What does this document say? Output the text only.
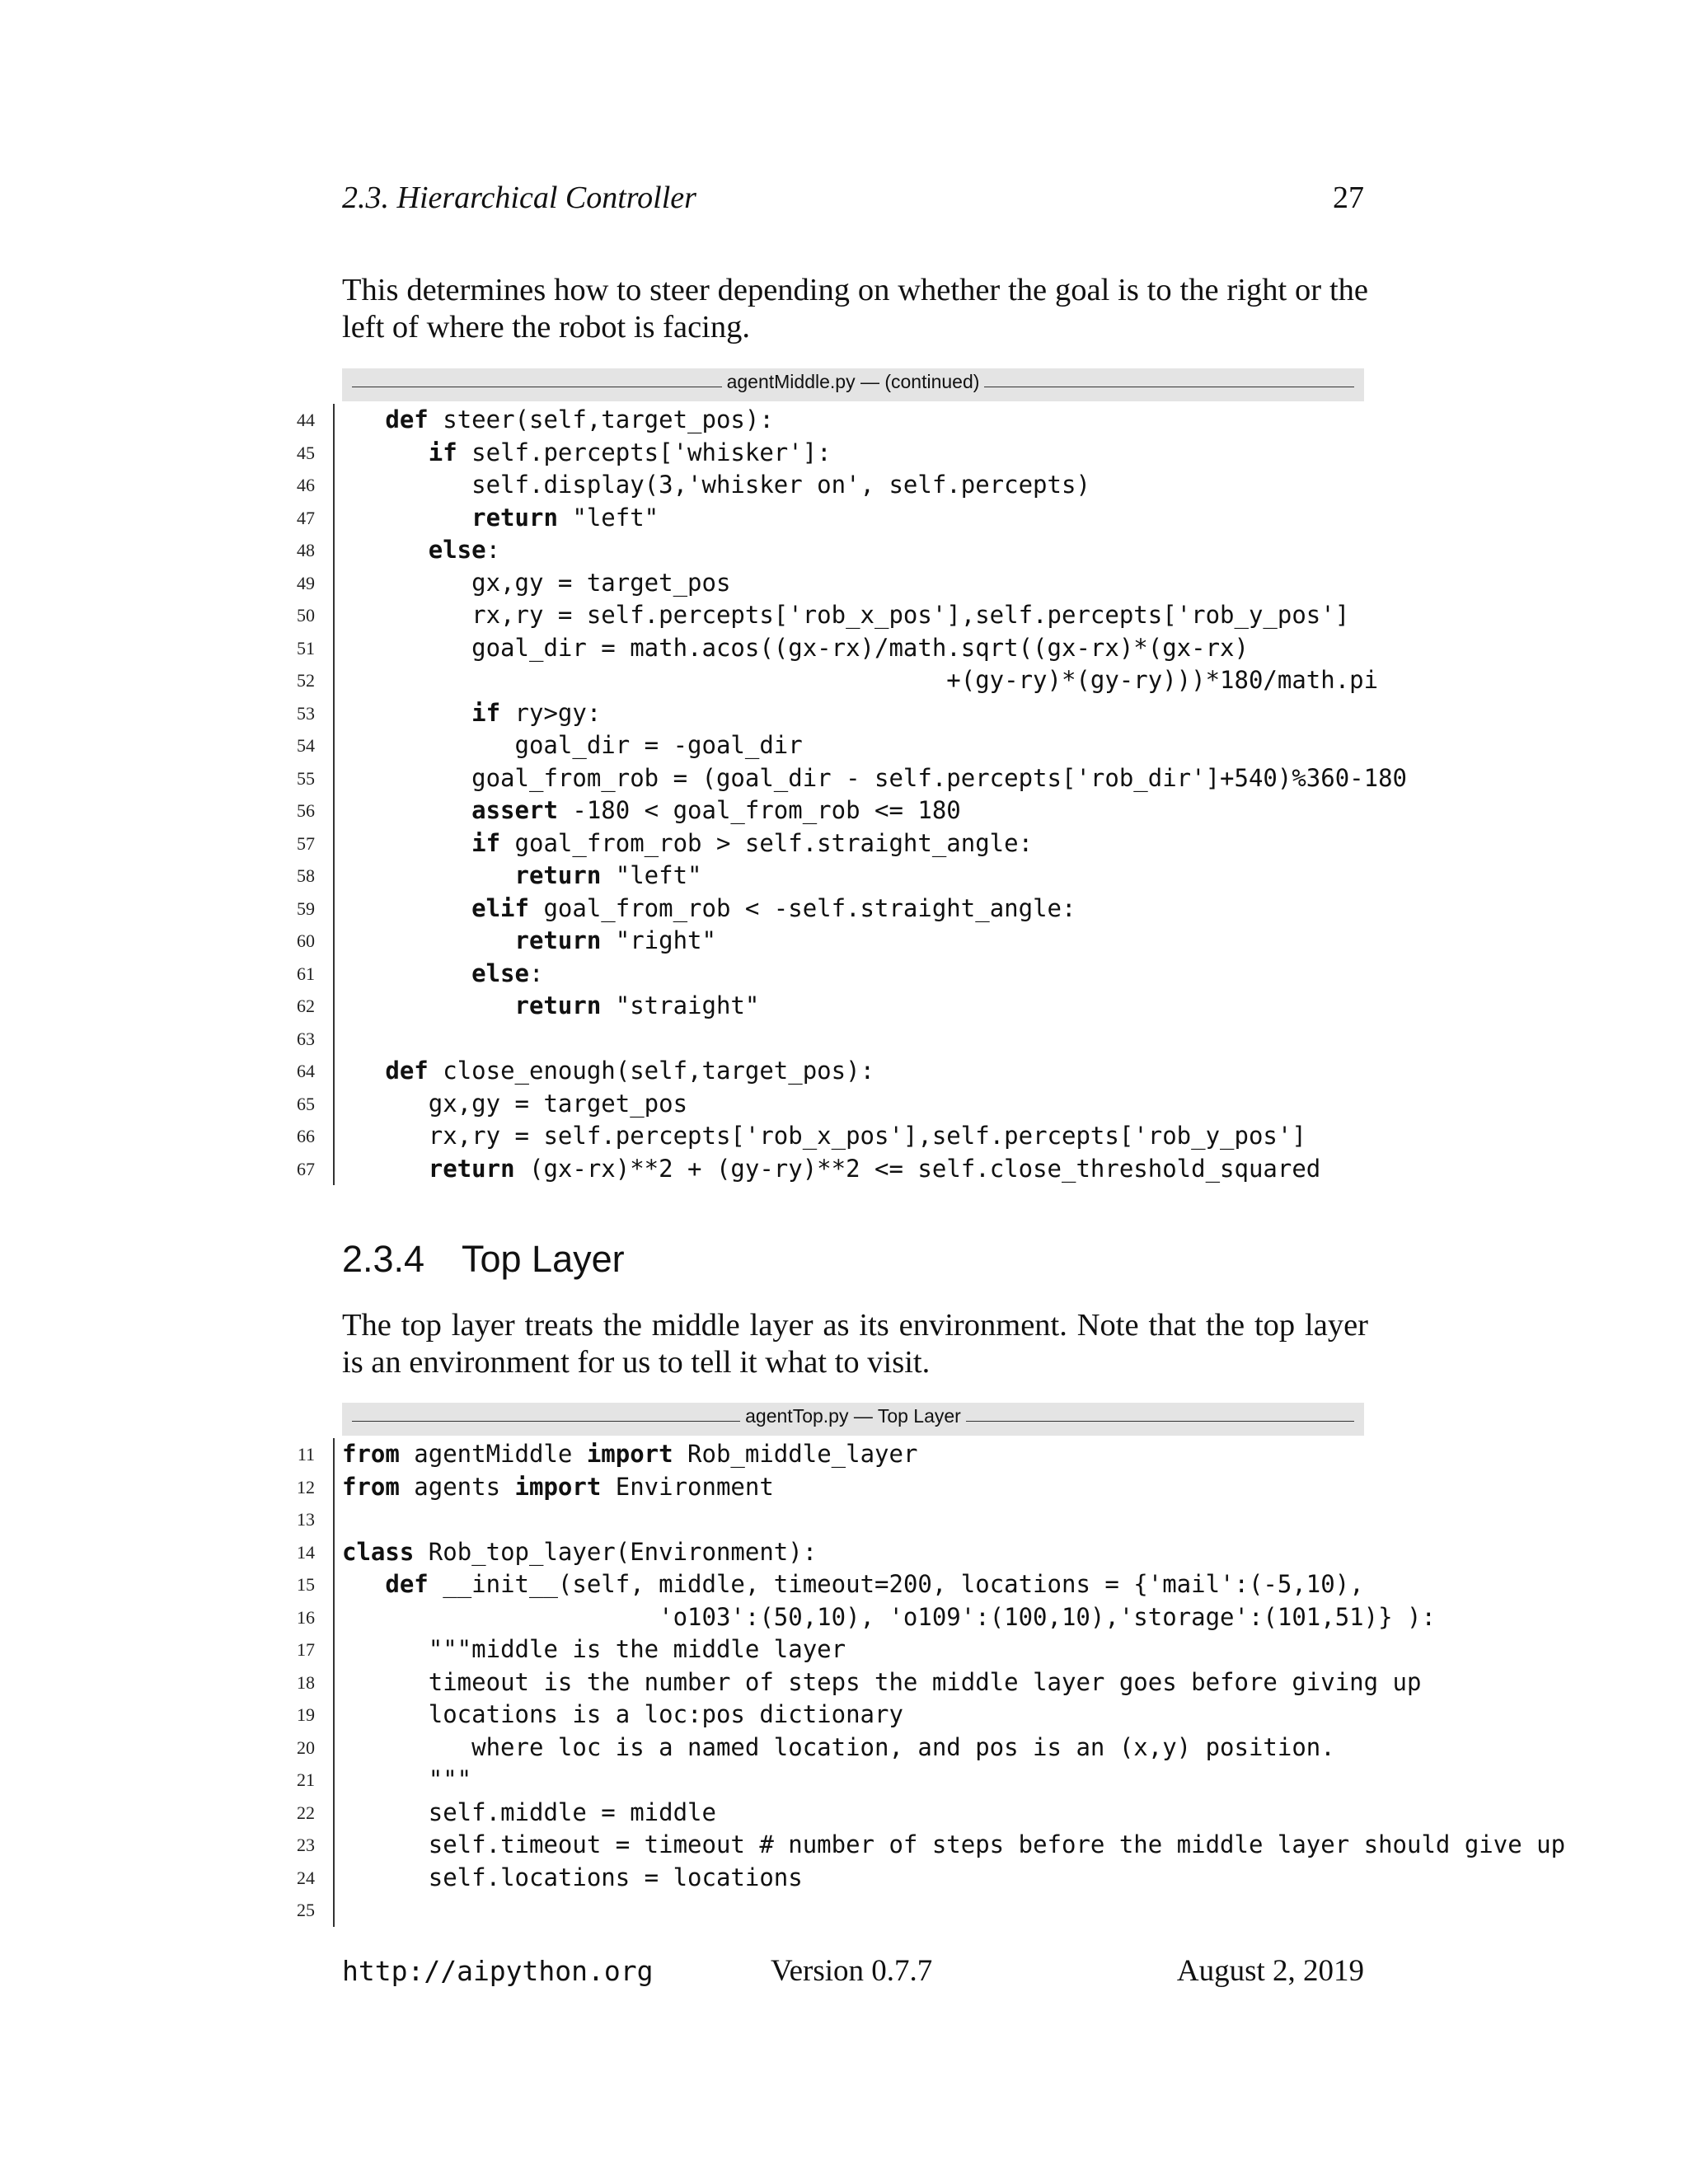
2.3. Hierarchical Controller	27

This determines how to steer depending on whether the goal is to the right or the left of where the robot is facing.

agentMiddle.py — (continued)
44	def steer(self,target_pos):
45	if self.percepts['whisker']:
46	self.display(3,'whisker on', self.percepts)
47	return "left"
48	else:
49	gx,gy = target_pos
50	rx,ry = self.percepts['rob_x_pos'],self.percepts['rob_y_pos']
51	goal_dir = math.acos((gx-rx)/math.sqrt((gx-rx)*(gx-rx)
52 +(gy-ry)*(gy-ry)))*180/math.pi
53	if ry>gy:
54	goal_dir = -goal_dir
55	goal_from_rob = (goal_dir - self.percepts['rob_dir']+540)%360-180
56	assert -180 < goal_from_rob <= 180
57	if goal_from_rob > self.straight_angle:
58	return "left"
59	elif goal_from_rob < -self.straight_angle:
60	return "right"
61	else:
62	return "straight"
63
64	def close_enough(self,target_pos):
65	gx,gy = target_pos
66	rx,ry = self.percepts['rob_x_pos'],self.percepts['rob_y_pos']
67	return (gx-rx)**2 + (gy-ry)**2 <= self.close_threshold_squared
2.3.4 Top Layer

The top layer treats the middle layer as its environment. Note that the top layer is an environment for us to tell it what to visit.

agentTop.py — Top Layer
11 from agentMiddle import Rob_middle_layer
12 from agents import Environment
13
14 class Rob_top_layer(Environment):
15	def __init__(self, middle, timeout=200, locations = {'mail':(-5,10),
16 'o103':(50,10), 'o109':(100,10),'storage':(101,51)} ):
17	"""middle is the middle layer
18	timeout is the number of steps the middle layer goes before giving up
19	locations is a loc:pos dictionary
20	where loc is a named location, and pos is an (x,y) position.
21	"""
22	self.middle = middle
23	self.timeout = timeout # number of steps before the middle layer should give up
24	self.locations = locations
25
http://aipython.org	Version 0.7.7	August 2, 2019
